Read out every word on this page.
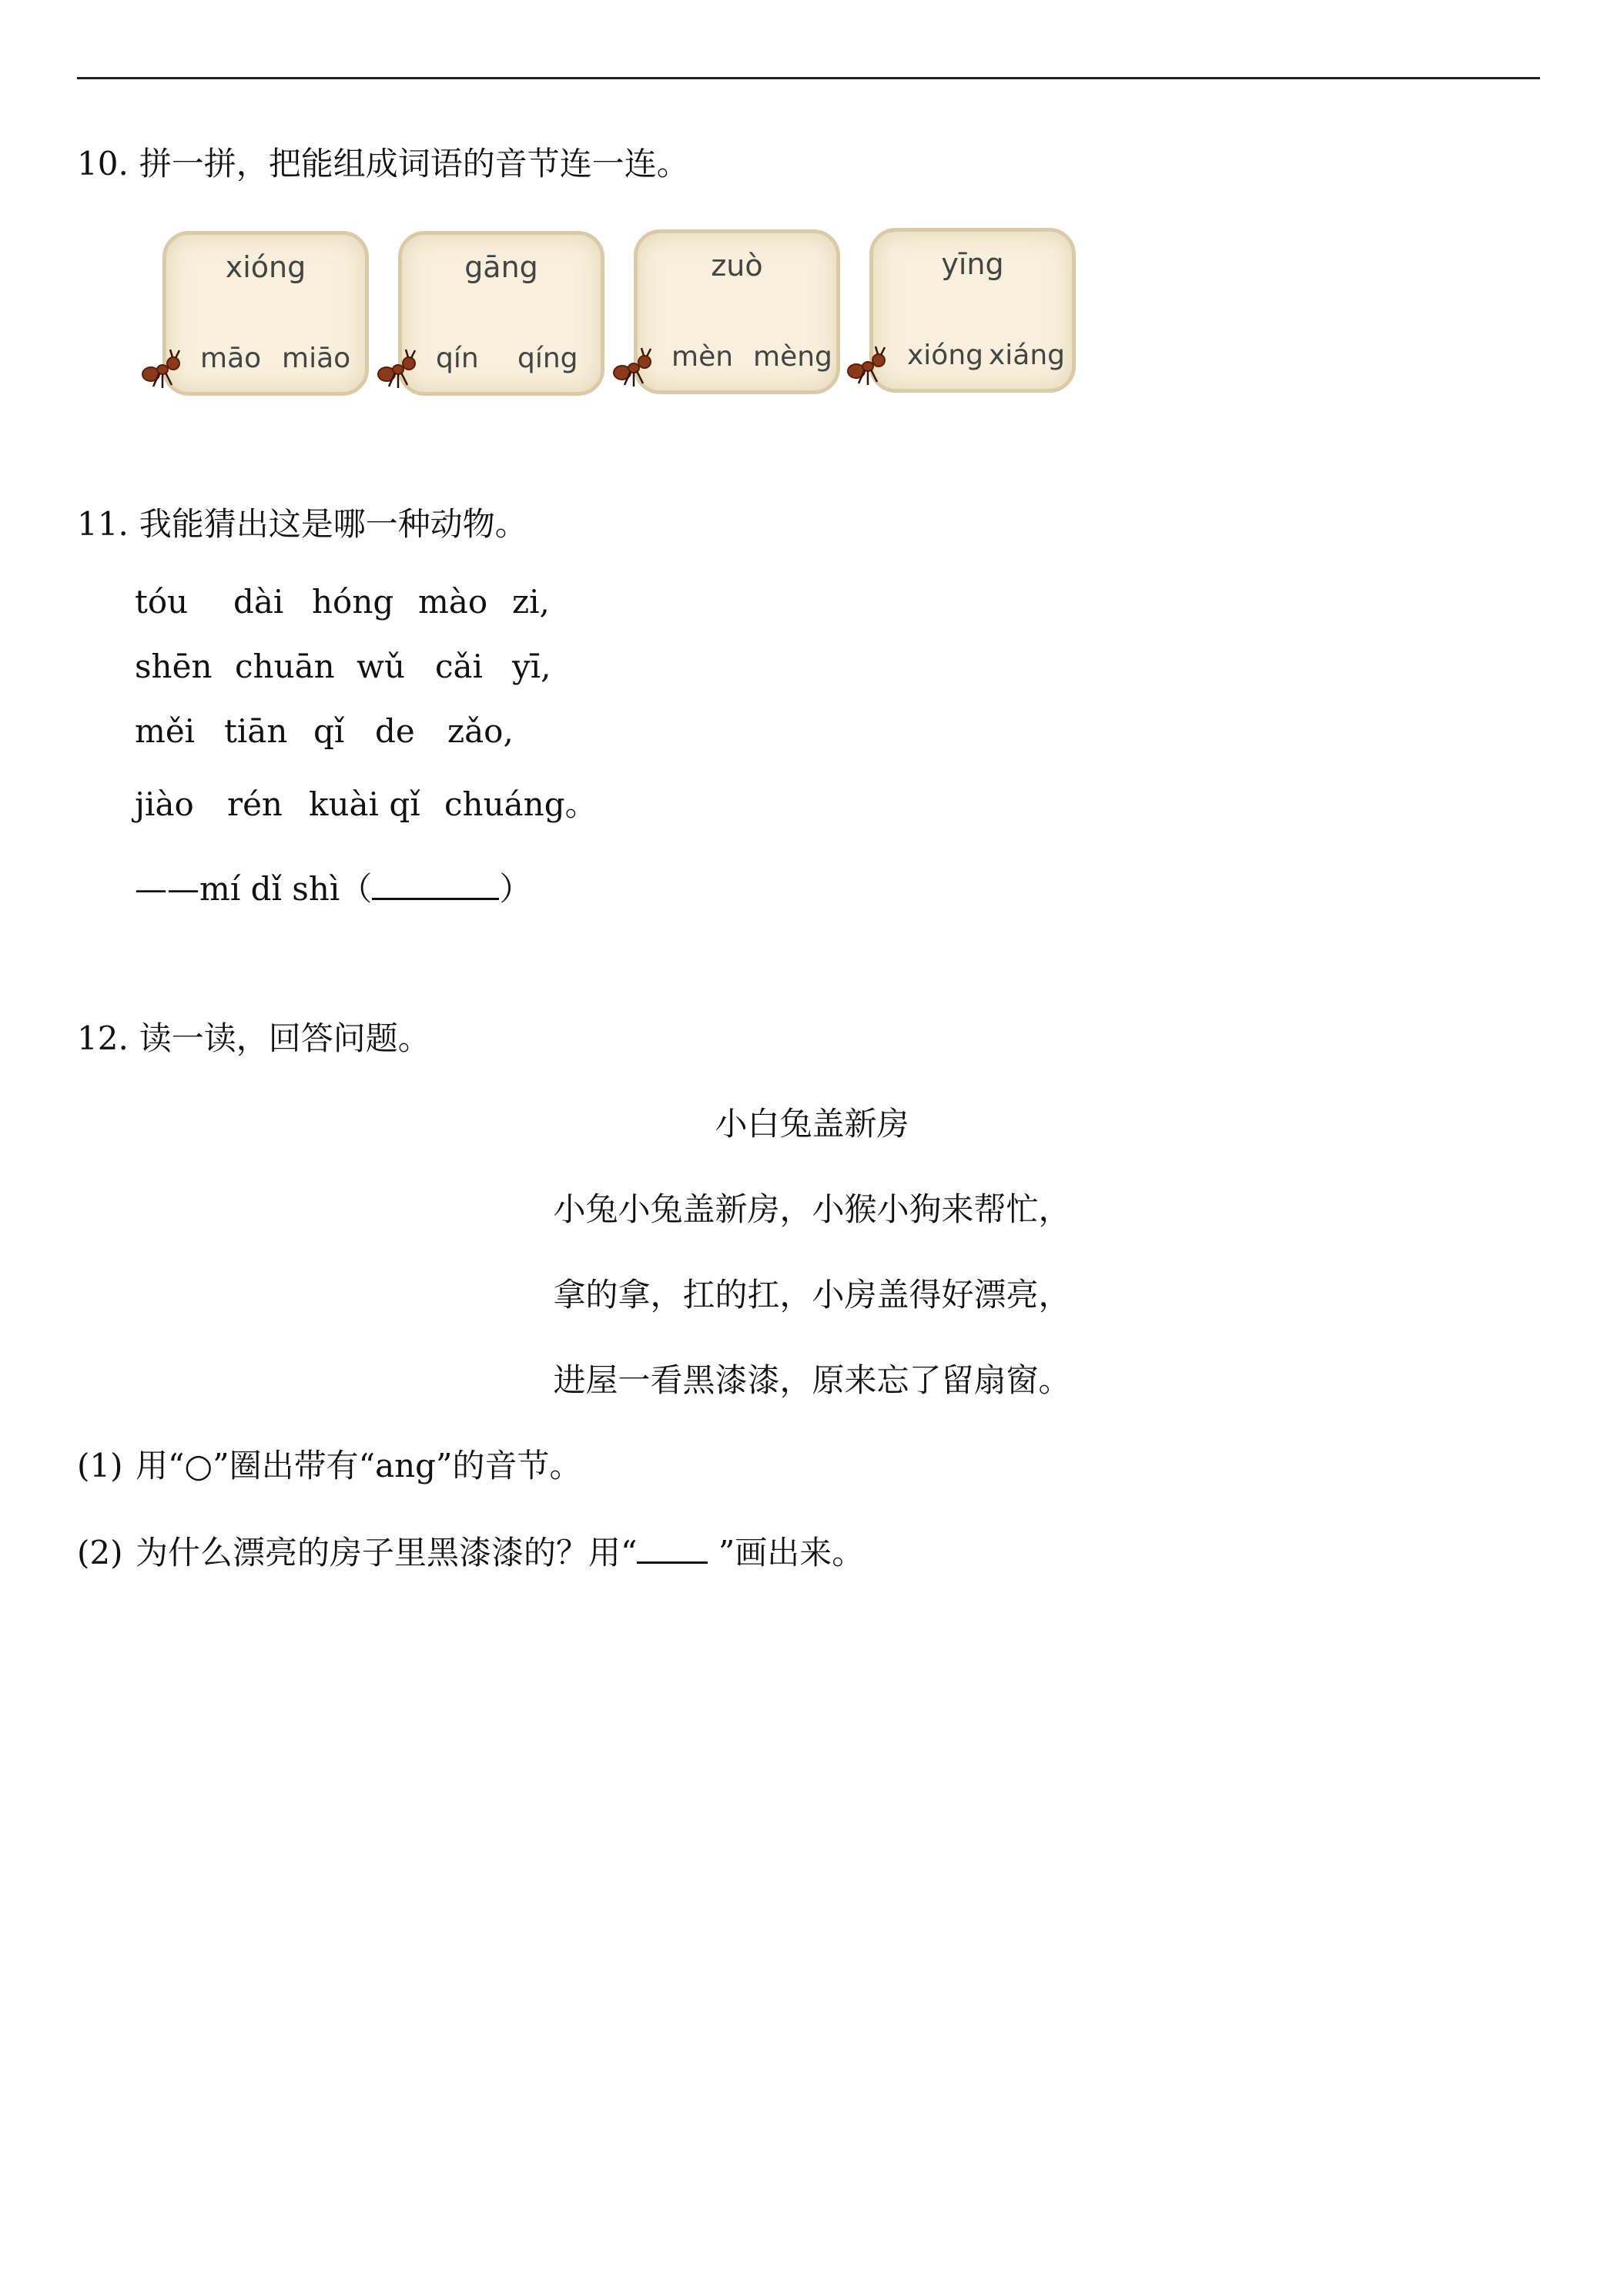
10. 拼一拼，把能组成词语的音节连一连。
xióng
māo miāo
gāng
qín qíng
zuò
mèn mèng
yīng
xióng xiáng
11. 我能猜出这是哪一种动物。
tóu dài hóng mào zi,
shēn chuān wǔ cǎi yī,
měi tiān qǐ de zǎo,
jiào rén kuài qǐ chuáng。
——mí dǐ shì（	）
12. 读一读，回答问题。
小白兔盖新房
小兔小兔盖新房，小猴小狗来帮忙，
拿的拿，扛的扛，小房盖得好漂亮，
进屋一看黑漆漆，原来忘了留扇窗。
(1) 用“○”圈出带有“ang”的音节。
(2) 为什么漂亮的房子里黑漆漆的？用“ ”画出来。
